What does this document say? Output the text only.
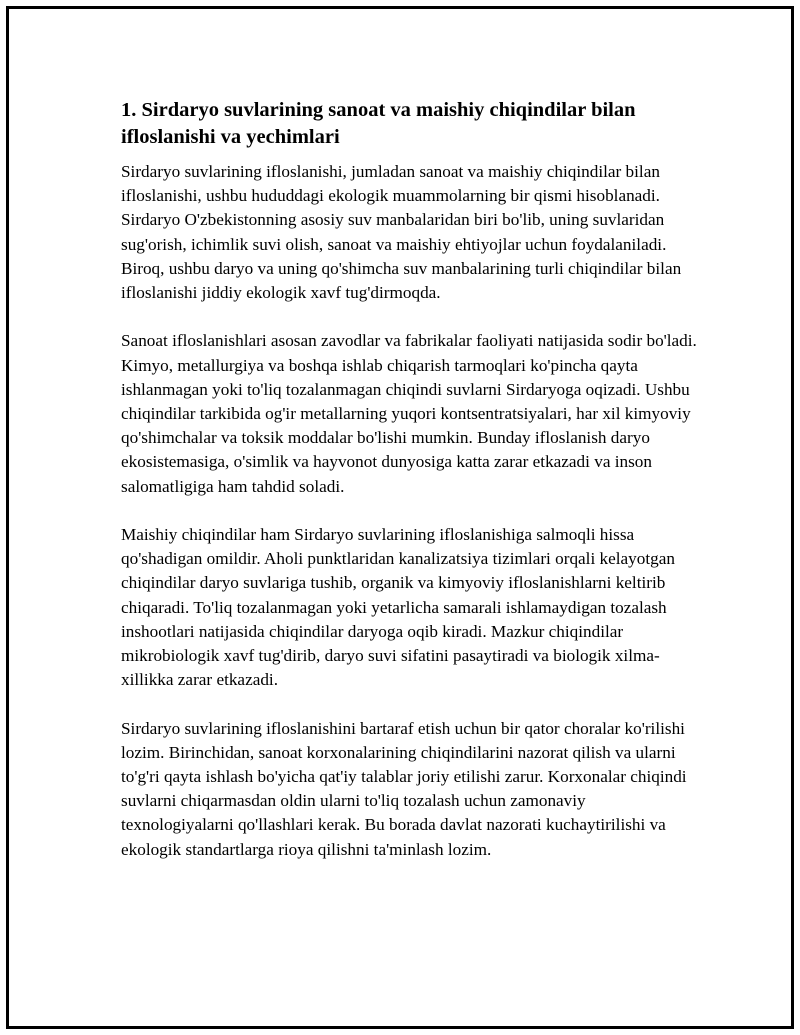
1. Sirdaryo suvlarining sanoat va maishiy chiqindilar bilan ifloslanishi va yechimlari

Sirdaryo suvlarining ifloslanishi, jumladan sanoat va maishiy chiqindilar bilan ifloslanishi, ushbu hududdagi ekologik muammolarning bir qismi hisoblanadi. Sirdaryo O'zbekistonning asosiy suv manbalaridan biri bo'lib, uning suvlaridan sug'orish, ichimlik suvi olish, sanoat va maishiy ehtiyojlar uchun foydalaniladi. Biroq, ushbu daryo va uning qo'shimcha suv manbalarining turli chiqindilar bilan ifloslanishi jiddiy ekologik xavf tug'dirmoqda.

Sanoat ifloslanishlari asosan zavodlar va fabrikalar faoliyati natijasida sodir bo'ladi. Kimyo, metallurgiya va boshqa ishlab chiqarish tarmoqlari ko'pincha qayta ishlanmagan yoki to'liq tozalanmagan chiqindi suvlarni Sirdaryoga oqizadi. Ushbu chiqindilar tarkibida og'ir metallarning yuqori kontsentratsiyalari, har xil kimyoviy qo'shimchalar va toksik moddalar bo'lishi mumkin. Bunday ifloslanish daryo ekosistemasiga, o'simlik va hayvonot dunyosiga katta zarar etkazadi va inson salomatligiga ham tahdid soladi.

Maishiy chiqindilar ham Sirdaryo suvlarining ifloslanishiga salmoqli hissa qo'shadigan omildir. Aholi punktlaridan kanalizatsiya tizimlari orqali kelayotgan chiqindilar daryo suvlariga tushib, organik va kimyoviy ifloslanishlarni keltirib chiqaradi. To'liq tozalanmagan yoki yetarlicha samarali ishlamaydigan tozalash inshootlari natijasida chiqindilar daryoga oqib kiradi. Mazkur chiqindilar mikrobiologik xavf tug'dirib, daryo suvi sifatini pasaytiradi va biologik xilma-xillikka zarar etkazadi.

Sirdaryo suvlarining ifloslanishini bartaraf etish uchun bir qator choralar ko'rilishi lozim. Birinchidan, sanoat korxonalarining chiqindilarini nazorat qilish va ularni to'g'ri qayta ishlash bo'yicha qat'iy talablar joriy etilishi zarur. Korxonalar chiqindi suvlarni chiqarmasdan oldin ularni to'liq tozalash uchun zamonaviy texnologiyalarni qo'llashlari kerak. Bu borada davlat nazorati kuchaytirilishi va ekologik standartlarga rioya qilishni ta'minlash lozim.
